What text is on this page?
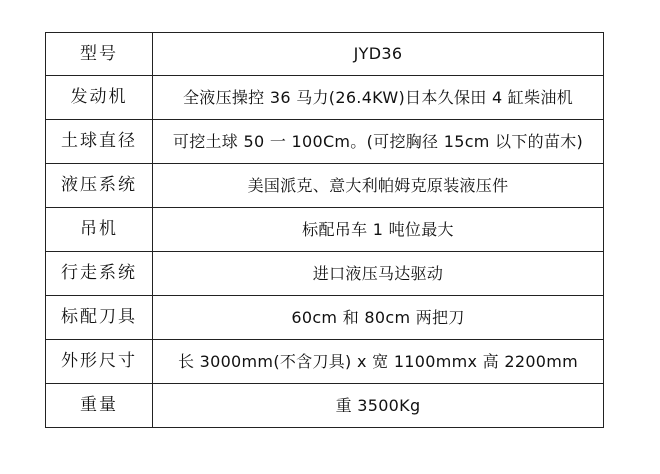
型号	JYD36
发动机	全液压操控 36 马力(26.4KW)日本久保田 4 缸柴油机
土球直径	可挖土球 50 一 100Cm。(可挖胸径 15cm 以下的苗木)
液压系统	美国派克、意大利帕姆克原装液压件
吊机	标配吊车 1 吨位最大
行走系统	进口液压马达驱动
标配刀具	60cm 和 80cm 两把刀
外形尺寸	长 3000mm(不含刀具) x 宽 1100mmx 高 2200mm
重量	重 3500Kg
